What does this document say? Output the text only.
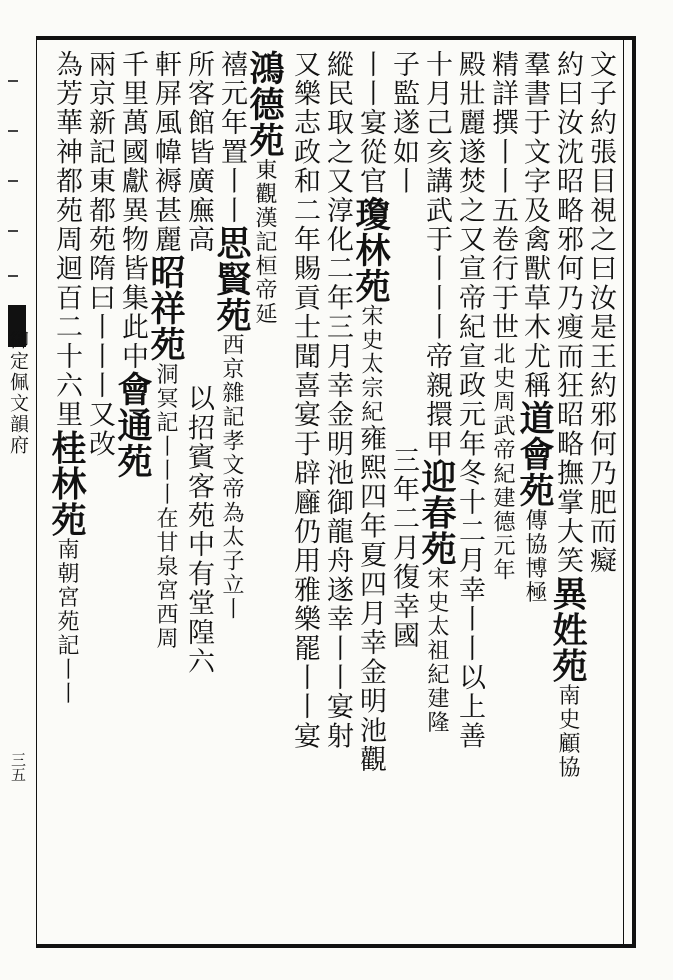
御定佩文韻府
三五
文子約張目視之曰汝是王約邪何乃肥而癡
約曰汝沈昭略邪何乃瘦而狂昭略撫掌大笑異姓苑南史顧協
羣書于文字及禽獸草木尤稱道會苑傳協博極
精詳撰丨丨五卷行于世北史周武帝紀建德元年
殿壯麗遂焚之又宣帝紀宣政元年冬十二月幸丨丨以上善
十月己亥講武于丨丨丨帝親擐甲迎春苑宋史太祖紀建隆
子監遂如丨三年二月復幸國
丨丨宴從官瓊林苑宋史太宗紀雍熙四年夏四月幸金明池觀
縱民取之又淳化二年三月幸金明池御龍舟遂幸丨丨宴射
又樂志政和二年賜貢士聞喜宴于辟廱仍用雅樂罷丨丨宴
鴻德苑東觀漢記桓帝延
禧元年置丨丨思賢苑西京雜記孝文帝為太子立丨
所客館皆廣廡高以招賓客苑中有堂隍六
軒屏風幃褥甚麗昭祥苑洞冥記丨丨丨在甘泉宮西周
千里萬國獻異物皆集此中會通苑
兩京新記東都苑隋曰丨丨丨又改
為芳華神都苑周迴百二十六里桂林苑南朝宮苑記丨丨
